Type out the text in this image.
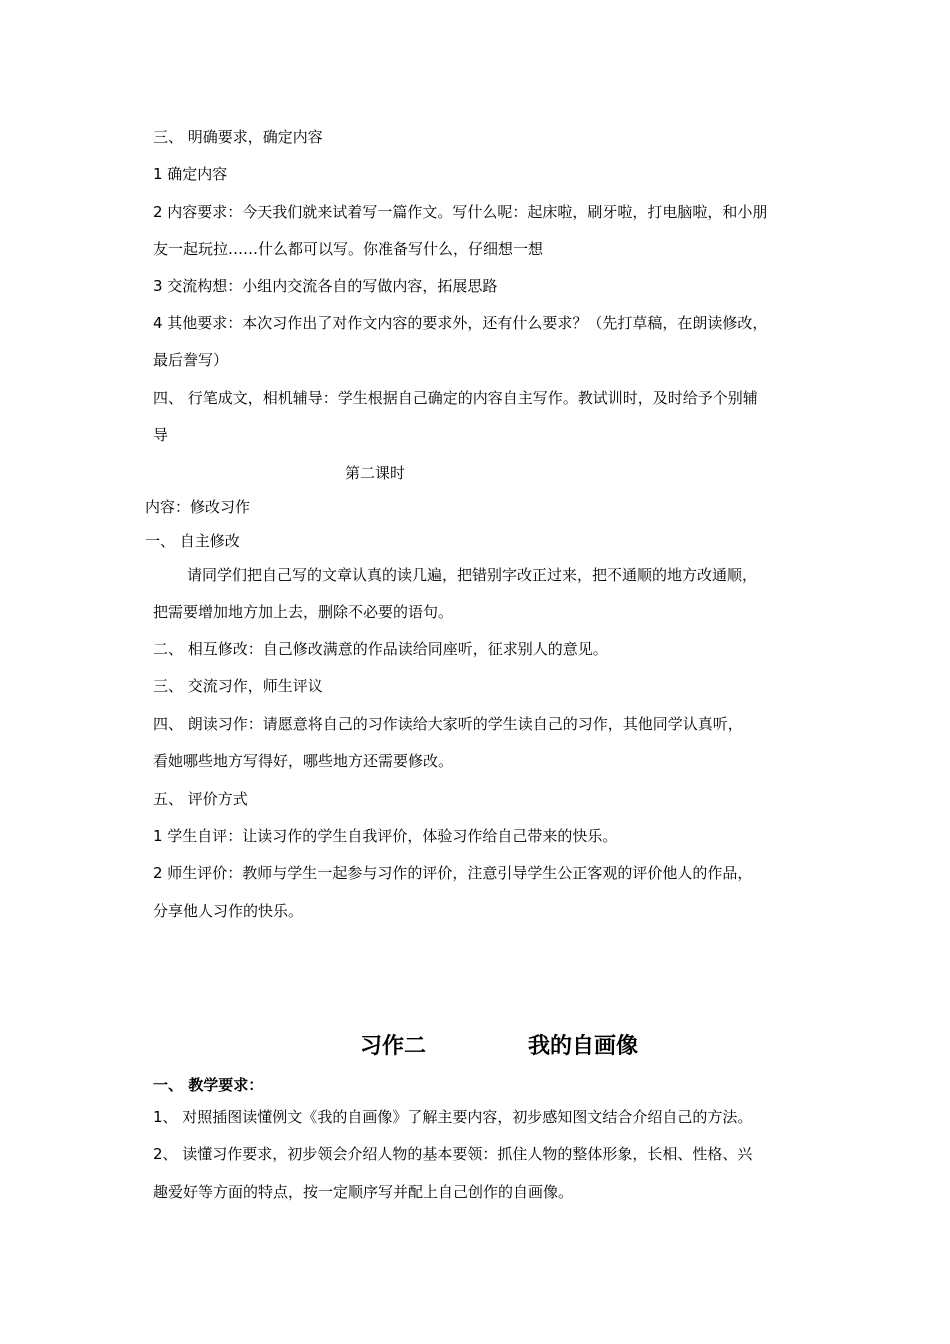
三、 明确要求，确定内容
1 确定内容
2 内容要求：今天我们就来试着写一篇作文。写什么呢：起床啦，刷牙啦，打电脑啦，和小朋
友一起玩拉……什么都可以写。你准备写什么，仔细想一想
3 交流构想：小组内交流各自的写做内容，拓展思路
4 其他要求：本次习作出了对作文内容的要求外，还有什么要求？（先打草稿，在朗读修改，
最后誊写）
四、 行笔成文，相机辅导：学生根据自己确定的内容自主写作。教试训时，及时给予个别辅
导
第二课时
内容：修改习作
一、 自主修改
请同学们把自己写的文章认真的读几遍，把错别字改正过来，把不通顺的地方改通顺，
把需要增加地方加上去，删除不必要的语句。
二、 相互修改：自己修改满意的作品读给同座听，征求别人的意见。
三、 交流习作，师生评议
四、 朗读习作：请愿意将自己的习作读给大家听的学生读自己的习作，其他同学认真听，
看她哪些地方写得好，哪些地方还需要修改。
五、 评价方式
1 学生自评：让读习作的学生自我评价，体验习作给自己带来的快乐。
2 师生评价：教师与学生一起参与习作的评价，注意引导学生公正客观的评价他人的作品，
分享他人习作的快乐。
习作二	我的自画像
一、 教学要求：
1、 对照插图读懂例文《我的自画像》了解主要内容，初步感知图文结合介绍自己的方法。
2、 读懂习作要求，初步领会介绍人物的基本要领：抓住人物的整体形象，长相、性格、兴
趣爱好等方面的特点，按一定顺序写并配上自己创作的自画像。
